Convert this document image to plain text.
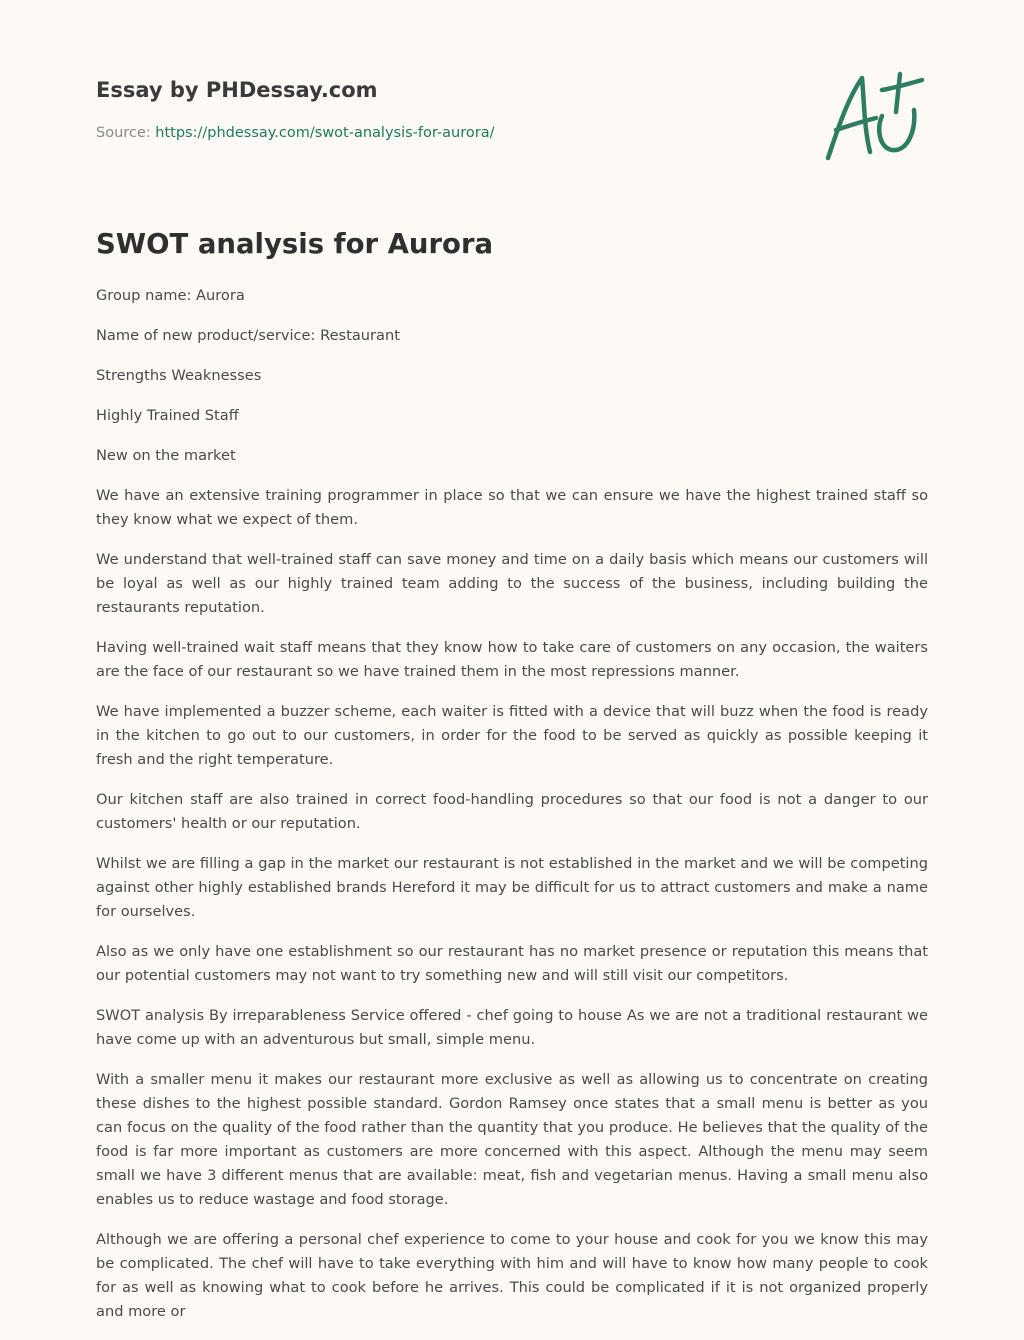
Essay by PHDessay.com
Source: https://phdessay.com/swot-analysis-for-aurora/
SWOT analysis for Aurora

Group name: Aurora

Name of new product/service: Restaurant

Strengths Weaknesses

Highly Trained Staff

New on the market

We have an extensive training programmer in place so that we can ensure we have the highest trained staff so they know what we expect of them.

We understand that well-trained staff can save money and time on a daily basis which means our customers will be loyal as well as our highly trained team adding to the success of the business, including building the restaurants reputation.

Having well-trained wait staff means that they know how to take care of customers on any occasion, the waiters are the face of our restaurant so we have trained them in the most repressions manner.

We have implemented a buzzer scheme, each waiter is fitted with a device that will buzz when the food is ready in the kitchen to go out to our customers, in order for the food to be served as quickly as possible keeping it fresh and the right temperature.

Our kitchen staff are also trained in correct food-handling procedures so that our food is not a danger to our customers' health or our reputation.

Whilst we are filling a gap in the market our restaurant is not established in the market and we will be competing against other highly established brands Hereford it may be difficult for us to attract customers and make a name for ourselves.

Also as we only have one establishment so our restaurant has no market presence or reputation this means that our potential customers may not want to try something new and will still visit our competitors.

SWOT analysis By irreparableness Service offered - chef going to house As we are not a traditional restaurant we have come up with an adventurous but small, simple menu.

With a smaller menu it makes our restaurant more exclusive as well as allowing us to concentrate on creating these dishes to the highest possible standard. Gordon Ramsey once states that a small menu is better as you can focus on the quality of the food rather than the quantity that you produce. He believes that the quality of the food is far more important as customers are more concerned with this aspect. Although the menu may seem small we have 3 different menus that are available: meat, fish and vegetarian menus. Having a small menu also enables us to reduce wastage and food storage.

Although we are offering a personal chef experience to come to your house and cook for you we know this may be complicated. The chef will have to take everything with him and will have to know how many people to cook for as well as knowing what to cook before he arrives. This could be complicated if it is not organized properly and more or
